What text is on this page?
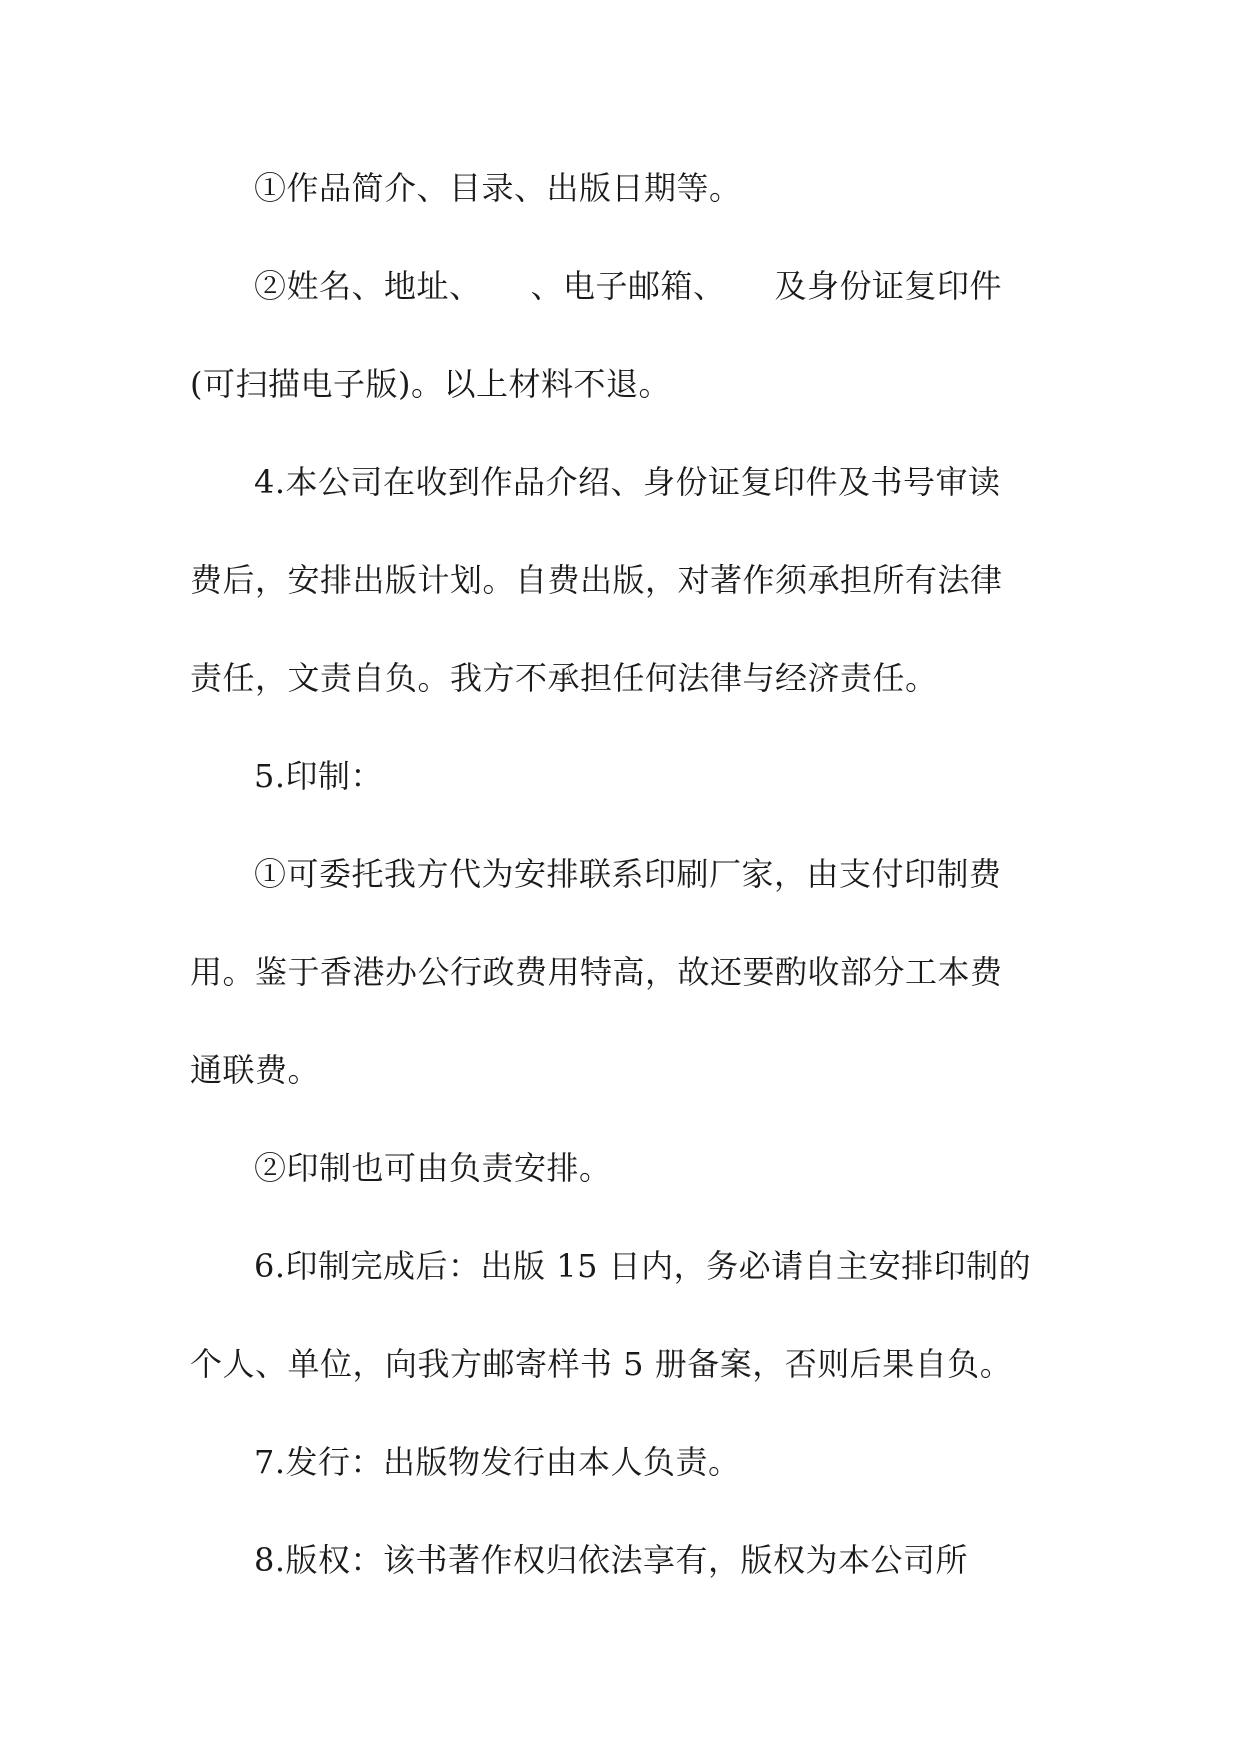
①作品简介、目录、出版日期等。
②姓名、地址、　　、电子邮箱、　　及身份证复印件
(可扫描电子版)。以上材料不退。
4.本公司在收到作品介绍、身份证复印件及书号审读
费后，安排出版计划。自费出版，对著作须承担所有法律
责任，文责自负。我方不承担任何法律与经济责任。
5.印制：
①可委托我方代为安排联系印刷厂家，由支付印制费
用。鉴于香港办公行政费用特高，故还要酌收部分工本费
通联费。
②印制也可由负责安排。
6.印制完成后：出版 15 日内，务必请自主安排印制的
个人、单位，向我方邮寄样书 5 册备案，否则后果自负。
7.发行：出版物发行由本人负责。
8.版权：该书著作权归依法享有，版权为本公司所
